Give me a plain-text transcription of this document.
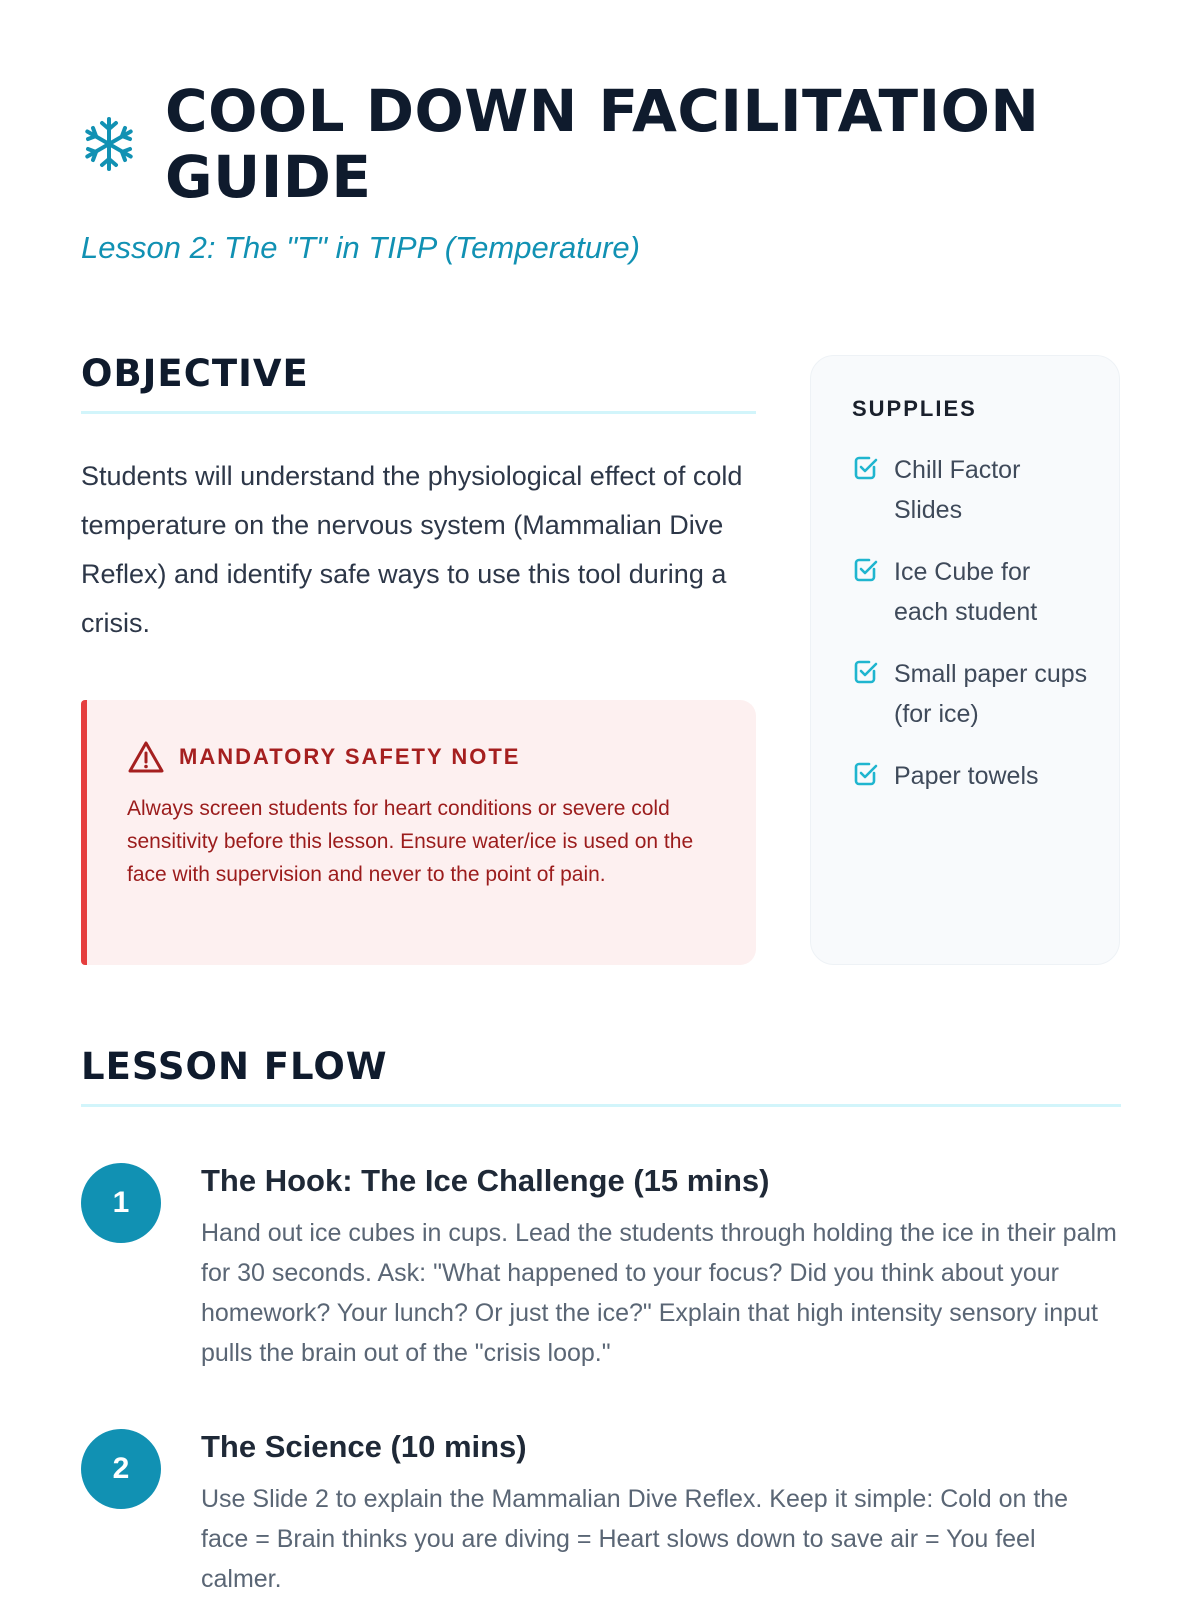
COOL DOWN FACILITATION GUIDE
Lesson 2: The "T" in TIPP (Temperature)
OBJECTIVE

Students will understand the physiological effect of cold temperature on the nervous system (Mammalian Dive Reflex) and identify safe ways to use this tool during a crisis.

MANDATORY SAFETY NOTE
Always screen students for heart conditions or severe cold sensitivity before this lesson. Ensure water/ice is used on the face with supervision and never to the point of pain.
SUPPLIES
Chill Factor Slides
Ice Cube for each student
Small paper cups (for ice)
Paper towels
LESSON FLOW
1
The Hook: The Ice Challenge (15 mins)
Hand out ice cubes in cups. Lead the students through holding the ice in their palm for 30 seconds. Ask: "What happened to your focus? Did you think about your homework? Your lunch? Or just the ice?" Explain that high intensity sensory input pulls the brain out of the "crisis loop."
2
The Science (10 mins)
Use Slide 2 to explain the Mammalian Dive Reflex. Keep it simple: Cold on the face = Brain thinks you are diving = Heart slows down to save air = You feel calmer.
